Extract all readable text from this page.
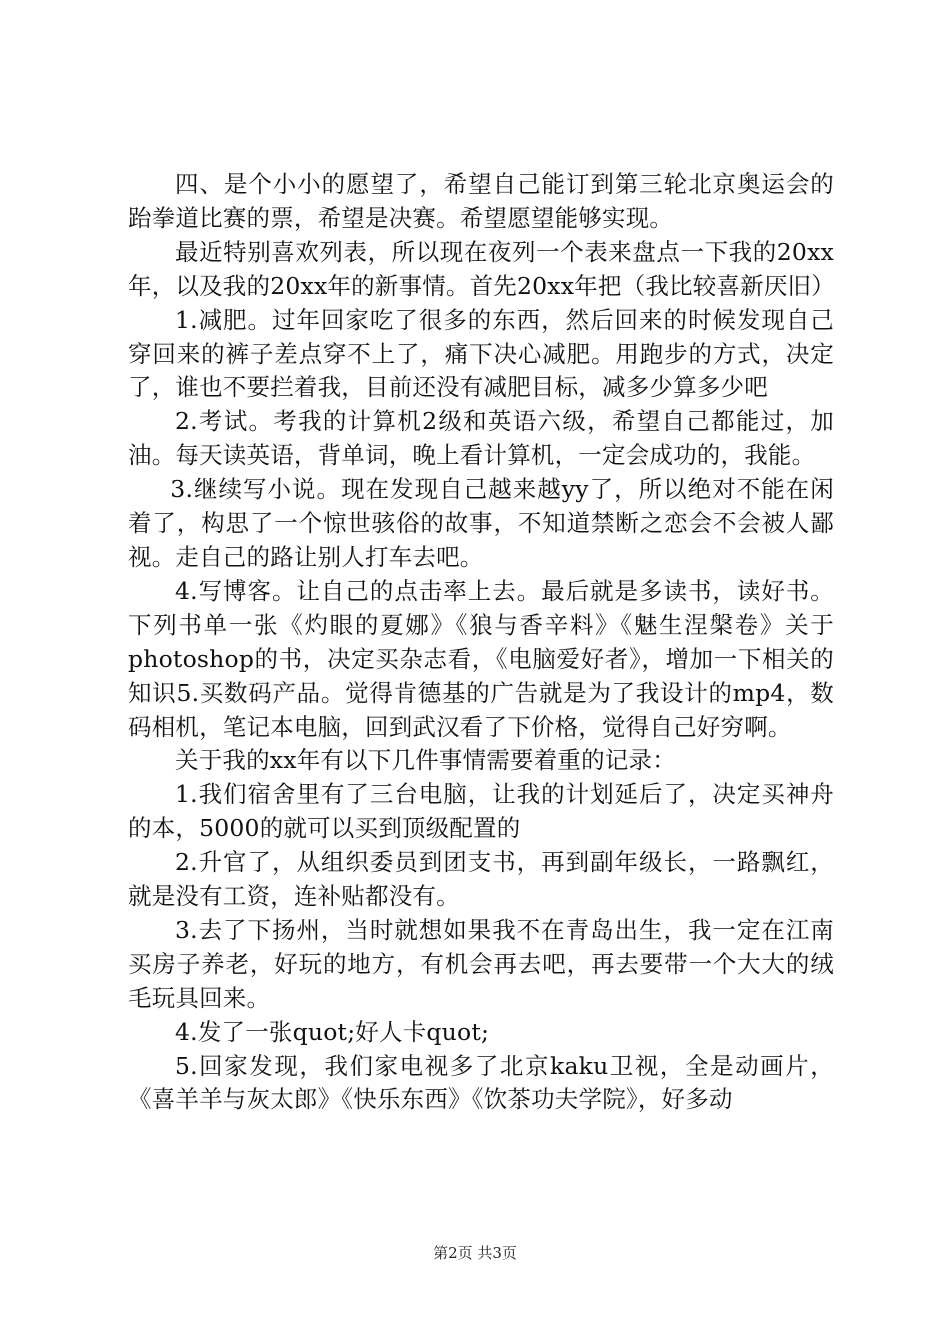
四、是个小小的愿望了，希望自己能订到第三轮北京奥运会的跆拳道比赛的票，希望是决赛。希望愿望能够实现。

最近特别喜欢列表，所以现在夜列一个表来盘点一下我的20xx年，以及我的20xx年的新事情。首先20xx年把（我比较喜新厌旧）

1.减肥。过年回家吃了很多的东西，然后回来的时候发现自己穿回来的裤子差点穿不上了，痛下决心减肥。用跑步的方式，决定了，谁也不要拦着我，目前还没有减肥目标，减多少算多少吧

2.考试。考我的计算机2级和英语六级，希望自己都能过，加油。每天读英语，背单词，晚上看计算机，一定会成功的，我能。

3.继续写小说。现在发现自己越来越yy了，所以绝对不能在闲着了，构思了一个惊世骇俗的故事，不知道禁断之恋会不会被人鄙视。走自己的路让别人打车去吧。

4.写博客。让自己的点击率上去。最后就是多读书，读好书。下列书单一张《灼眼的夏娜》《狼与香辛料》《魅生涅槃卷》关于photoshop的书，决定买杂志看，《电脑爱好者》，增加一下相关的知识5.买数码产品。觉得肯德基的广告就是为了我设计的mp4，数码相机，笔记本电脑，回到武汉看了下价格，觉得自己好穷啊。

关于我的xx年有以下几件事情需要着重的记录：

1.我们宿舍里有了三台电脑，让我的计划延后了，决定买神舟的本，5000的就可以买到顶级配置的

2.升官了，从组织委员到团支书，再到副年级长，一路飘红，就是没有工资，连补贴都没有。

3.去了下扬州，当时就想如果我不在青岛出生，我一定在江南买房子养老，好玩的地方，有机会再去吧，再去要带一个大大的绒毛玩具回来。

4.发了一张quot;好人卡quot;

5.回家发现，我们家电视多了北京kaku卫视，全是动画片，《喜羊羊与灰太郎》《快乐东西》《饮茶功夫学院》，好多动

第2页 共3页
